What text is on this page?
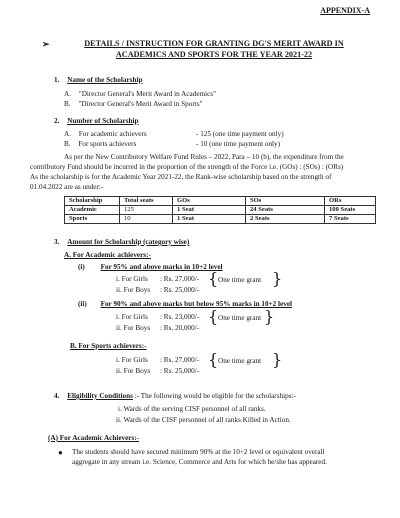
APPENDIX-A
➢	DETAILS / INSTRUCTION FOR GRANTING DG'S MERIT AWARD IN
ACADEMICS AND SPORTS FOR THE YEAR 2021-22
1. Name of the Scholarship
A. "Director General's Merit Award in Academics"
B. "Director General's Merit Award in Sports"
2. Number of Scholarship
A. For academic achievers	- 125 (one time payment only)
B. For sports achievers	- 10 (one time payment only)
As per the New Contributory Welfare Fund Rules – 2022, Para – 10 (b), the expenditure from the
contributory Fund should be incurred in the proportion of the strength of the Force i.e. (GOs) : (SOs) : (ORs)
As the scholarship is for the Academic Year 2021-22, the Rank-wise scholarship based on the strength of
01.04.2022 are as under:-
Scholarship	Total seats	GOs	SOs	ORs
Academic	125	1 Seat	24 Seats	100 Seats
Sports	10	1 Seat	2 Seats	7 Seats
3. Amount for Scholarship (category wise)
A. For Academic achievers:-
(i) For 95% and above marks in 10+2 level
i. For Girls : Rs. 27,000/-
ii. For Boys : Rs. 25,000/-
{ One time grant }
(ii) For 90% and above marks but below 95% marks in 10+2 level
i. For Girls : Rs. 23,000/-
ii. For Boys : Rs. 20,000/-
{ One time grant }
B. For Sports achievers:-
i. For Girls : Rs. 27,000/-
ii. For Boys : Rs. 25,000/-
{ One time grant }
4. Eligibility Conditions :- The following would be eligible for the scholarships:-
i. Wards of the serving CISF personnel of all ranks.
ii. Wards of the CISF personnel of all ranks Killed in Action.
(A) For Academic Achievers:-
● The students should have secured minimum 90% at the 10+2 level or equivalent overall
aggregate in any stream i.e. Science, Commerce and Arts for which he/she has appeared.
